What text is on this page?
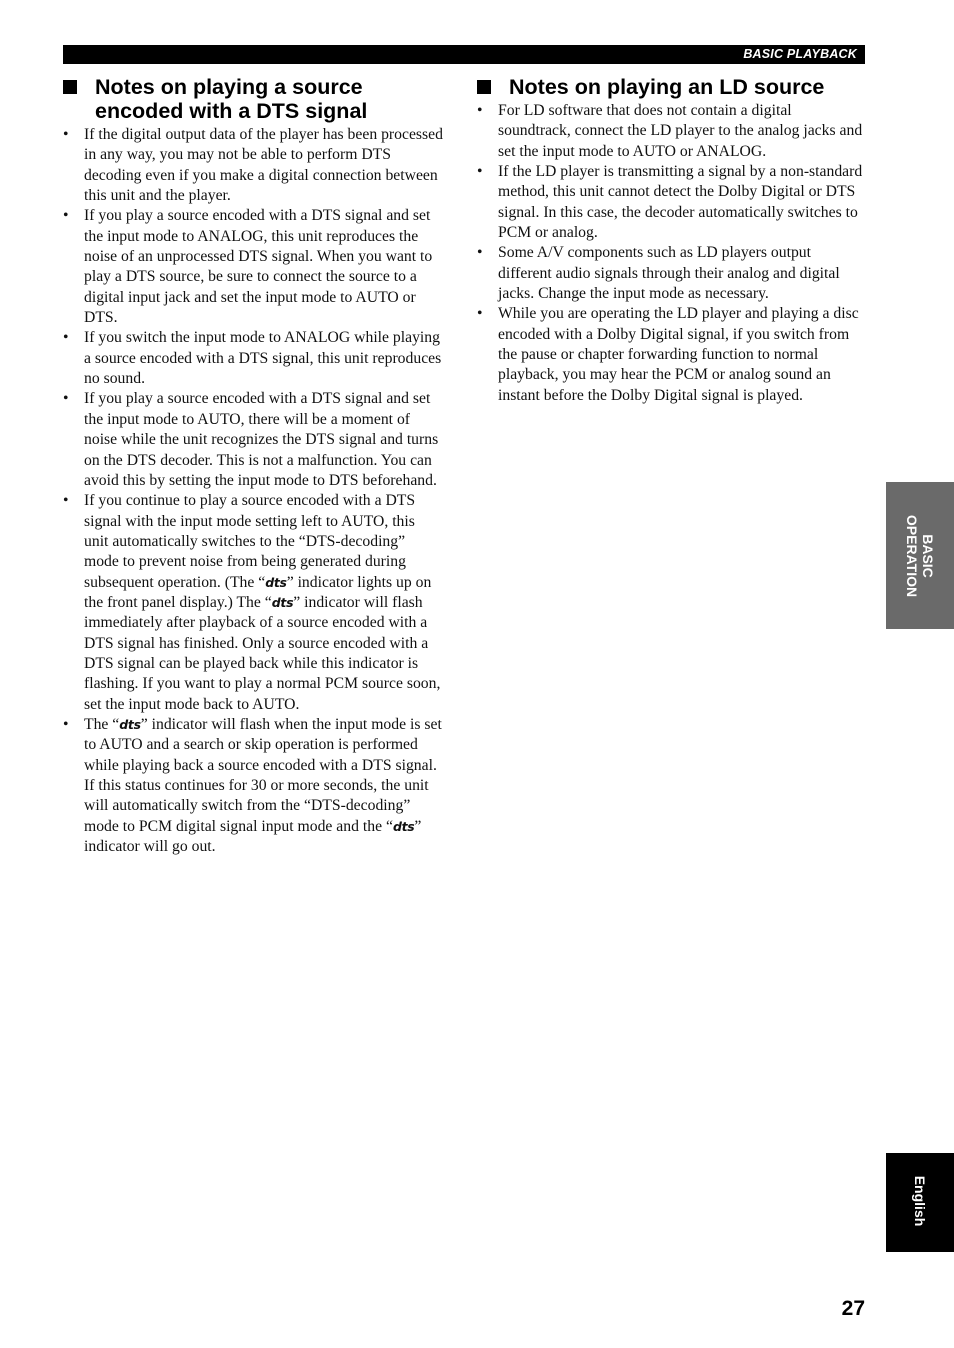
BASIC PLAYBACK
Notes on playing a source encoded with a DTS signal
• If the digital output data of the player has been processed in any way, you may not be able to perform DTS decoding even if you make a digital connection between this unit and the player.
• If you play a source encoded with a DTS signal and set the input mode to ANALOG, this unit reproduces the noise of an unprocessed DTS signal. When you want to play a DTS source, be sure to connect the source to a digital input jack and set the input mode to AUTO or DTS.
• If you switch the input mode to ANALOG while playing a source encoded with a DTS signal, this unit reproduces no sound.
• If you play a source encoded with a DTS signal and set the input mode to AUTO, there will be a moment of noise while the unit recognizes the DTS signal and turns on the DTS decoder. This is not a malfunction. You can avoid this by setting the input mode to DTS beforehand.
• If you continue to play a source encoded with a DTS signal with the input mode setting left to AUTO, this unit automatically switches to the “DTS-decoding” mode to prevent noise from being generated during subsequent operation. (The “dts” indicator lights up on the front panel display.) The “dts” indicator will flash immediately after playback of a source encoded with a DTS signal has finished. Only a source encoded with a DTS signal can be played back while this indicator is flashing. If you want to play a normal PCM source soon, set the input mode back to AUTO.
• The “dts” indicator will flash when the input mode is set to AUTO and a search or skip operation is performed while playing back a source encoded with a DTS signal. If this status continues for 30 or more seconds, the unit will automatically switch from the “DTS-decoding” mode to PCM digital signal input mode and the “dts” indicator will go out.
Notes on playing an LD source
• For LD software that does not contain a digital soundtrack, connect the LD player to the analog jacks and set the input mode to AUTO or ANALOG.
• If the LD player is transmitting a signal by a non-standard method, this unit cannot detect the Dolby Digital or DTS signal. In this case, the decoder automatically switches to PCM or analog.
• Some A/V components such as LD players output different audio signals through their analog and digital jacks. Change the input mode as necessary.
• While you are operating the LD player and playing a disc encoded with a Dolby Digital signal, if you switch from the pause or chapter forwarding function to normal playback, you may hear the PCM or analog sound an instant before the Dolby Digital signal is played.
BASIC
OPERATION
English
27
